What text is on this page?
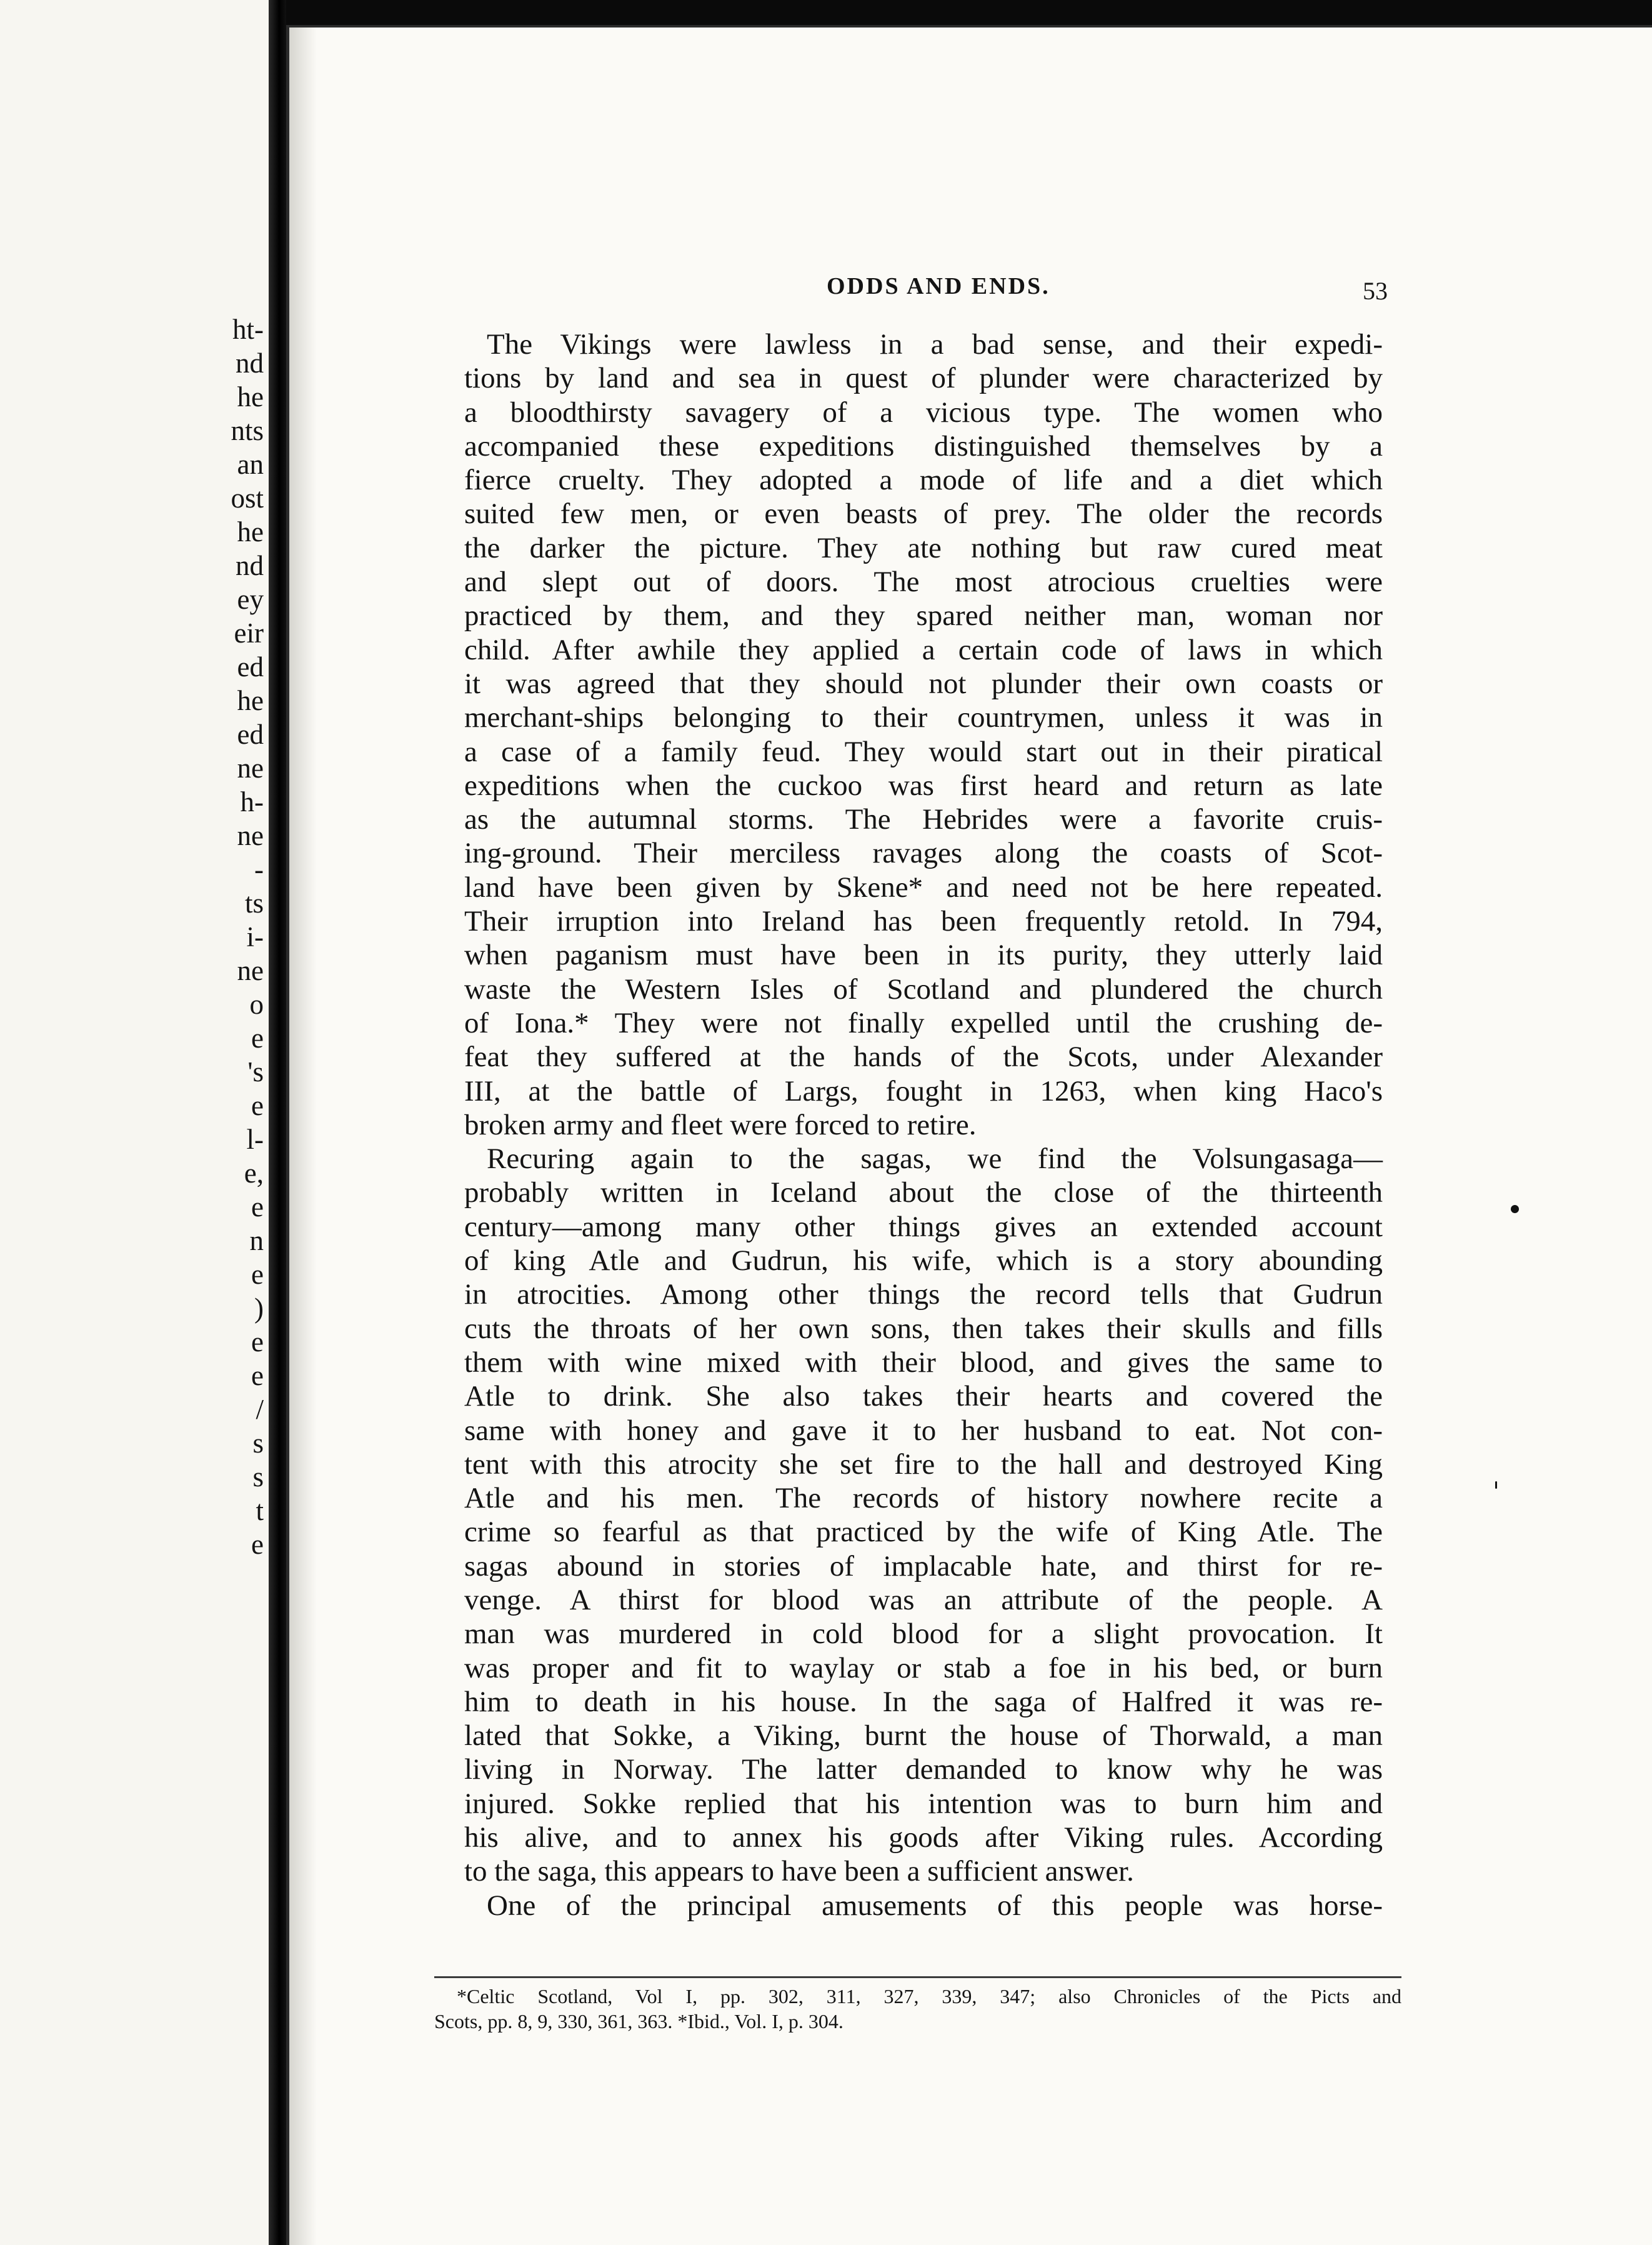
ht-
nd
he
nts
an
ost
he
nd
ey
eir
ed
he
ed
ne
h-
ne
-
ts
i-
ne
o
e
's
e
l-
e,
e
n
e
)
e
e
/
s
s
t
e
ODDS AND ENDS.	53
The Vikings were lawless in a bad sense, and their expedi-
tions by land and sea in quest of plunder were characterized by
a bloodthirsty savagery of a vicious type. The women who
accompanied these expeditions distinguished themselves by a
fierce cruelty. They adopted a mode of life and a diet which
suited few men, or even beasts of prey. The older the records
the darker the picture. They ate nothing but raw cured meat
and slept out of doors. The most atrocious cruelties were
practiced by them, and they spared neither man, woman nor
child. After awhile they applied a certain code of laws in which
it was agreed that they should not plunder their own coasts or
merchant-ships belonging to their countrymen, unless it was in
a case of a family feud. They would start out in their piratical
expeditions when the cuckoo was first heard and return as late
as the autumnal storms. The Hebrides were a favorite cruis-
ing-ground. Their merciless ravages along the coasts of Scot-
land have been given by Skene* and need not be here repeated.
Their irruption into Ireland has been frequently retold. In 794,
when paganism must have been in its purity, they utterly laid
waste the Western Isles of Scotland and plundered the church
of Iona.* They were not finally expelled until the crushing de-
feat they suffered at the hands of the Scots, under Alexander
III, at the battle of Largs, fought in 1263, when king Haco's
broken army and fleet were forced to retire.
Recuring again to the sagas, we find the Volsungasaga—
probably written in Iceland about the close of the thirteenth
century—among many other things gives an extended account
of king Atle and Gudrun, his wife, which is a story abounding
in atrocities. Among other things the record tells that Gudrun
cuts the throats of her own sons, then takes their skulls and fills
them with wine mixed with their blood, and gives the same to
Atle to drink. She also takes their hearts and covered the
same with honey and gave it to her husband to eat. Not con-
tent with this atrocity she set fire to the hall and destroyed King
Atle and his men. The records of history nowhere recite a
crime so fearful as that practiced by the wife of King Atle. The
sagas abound in stories of implacable hate, and thirst for re-
venge. A thirst for blood was an attribute of the people. A
man was murdered in cold blood for a slight provocation. It
was proper and fit to waylay or stab a foe in his bed, or burn
him to death in his house. In the saga of Halfred it was re-
lated that Sokke, a Viking, burnt the house of Thorwald, a man
living in Norway. The latter demanded to know why he was
injured. Sokke replied that his intention was to burn him and
his alive, and to annex his goods after Viking rules. According
to the saga, this appears to have been a sufficient answer.
One of the principal amusements of this people was horse-
*Celtic Scotland, Vol I, pp. 302, 311, 327, 339, 347; also Chronicles of the Picts and
Scots, pp. 8, 9, 330, 361, 363. *Ibid., Vol. I, p. 304.
